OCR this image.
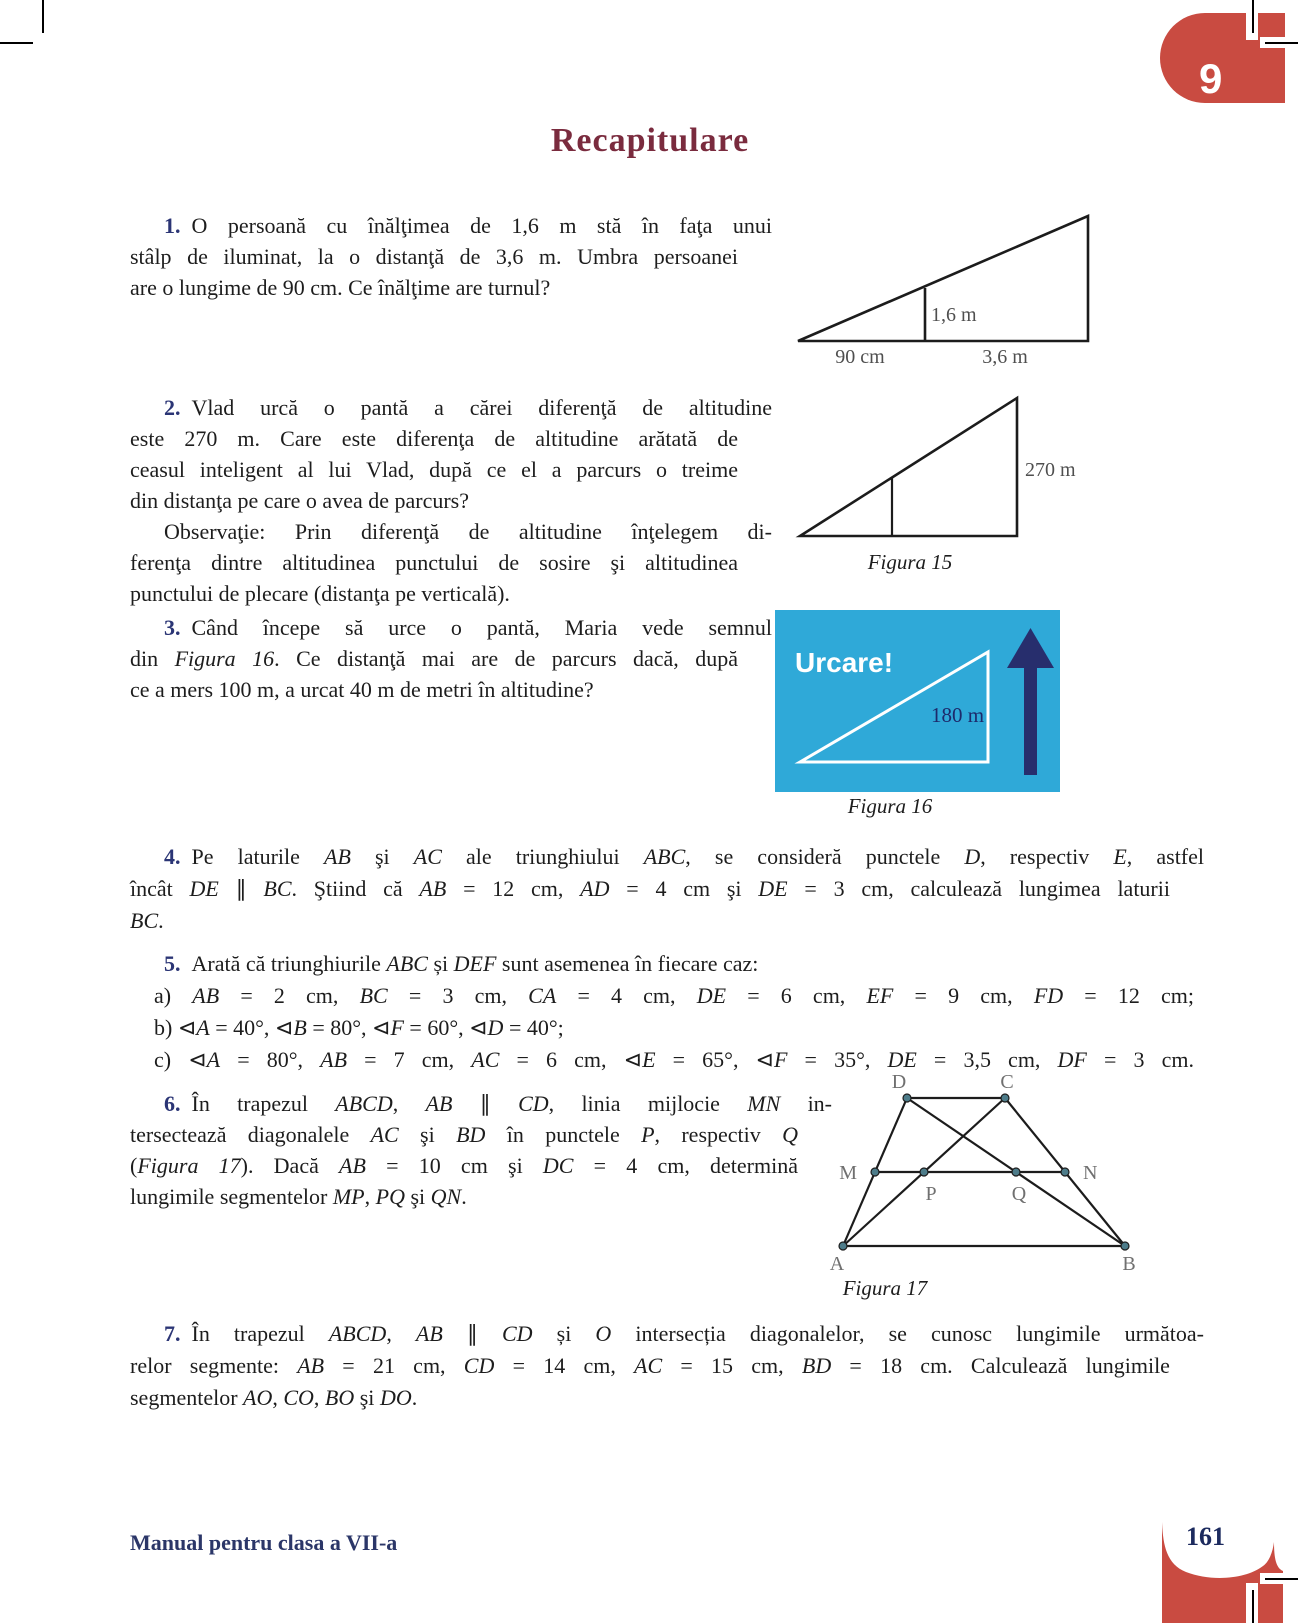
9
Recapitulare
1. O persoană cu înălţimea de 1,6 m stă în faţa unui
stâlp de iluminat, la o distanţă de 3,6 m. Umbra persoanei
are o lungime de 90 cm. Ce înălţime are turnul?
1,6 m
90 cm	3,6 m
2. Vlad urcă o pantă a cărei diferenţă de altitudine
este 270 m. Care este diferenţa de altitudine arătată de
ceasul inteligent al lui Vlad, după ce el a parcurs o treime
din distanţa pe care o avea de parcurs?
Observaţie: Prin diferenţă de altitudine înţelegem di-
ferenţa dintre altitudinea punctului de sosire şi altitudinea
punctului de plecare (distanţa pe verticală).
270 m
Figura 15
3. Când începe să urce o pantă, Maria vede semnul
din Figura 16. Ce distanţă mai are de parcurs dacă, după
ce a mers 100 m, a urcat 40 m de metri în altitudine?
Urcare!
180 m
Figura 16
4. Pe laturile AB şi AC ale triunghiului ABC, se consideră punctele D, respectiv E, astfel
încât DE ∥ BC. Ştiind că AB = 12 cm, AD = 4 cm şi DE = 3 cm, calculează lungimea laturii
BC.
5. Arată că triunghiurile ABC și DEF sunt asemenea în fiecare caz:
a) AB = 2 cm, BC = 3 cm, CA = 4 cm, DE = 6 cm, EF = 9 cm, FD = 12 cm;
b) ⊲A = 40°, ⊲B = 80°, ⊲F = 60°, ⊲D = 40°;
c) ⊲A = 80°, AB = 7 cm, AC = 6 cm, ⊲E = 65°, ⊲F = 35°, DE = 3,5 cm, DF = 3 cm.
6. În trapezul ABCD, AB ∥ CD, linia mijlocie MN in-
tersectează diagonalele AC şi BD în punctele P, respectiv Q
(Figura 17). Dacă AB = 10 cm şi DC = 4 cm, determină
lungimile segmentelor MP, PQ şi QN.
D	C
M	N
P	Q
A	B
Figura 17
7. În trapezul ABCD, AB ∥ CD și O intersecția diagonalelor, se cunosc lungimile următoa-
relor segmente: AB = 21 cm, CD = 14 cm, AC = 15 cm, BD = 18 cm. Calculează lungimile
segmentelor AO, CO, BO şi DO.
Manual pentru clasa a VII-a	161
